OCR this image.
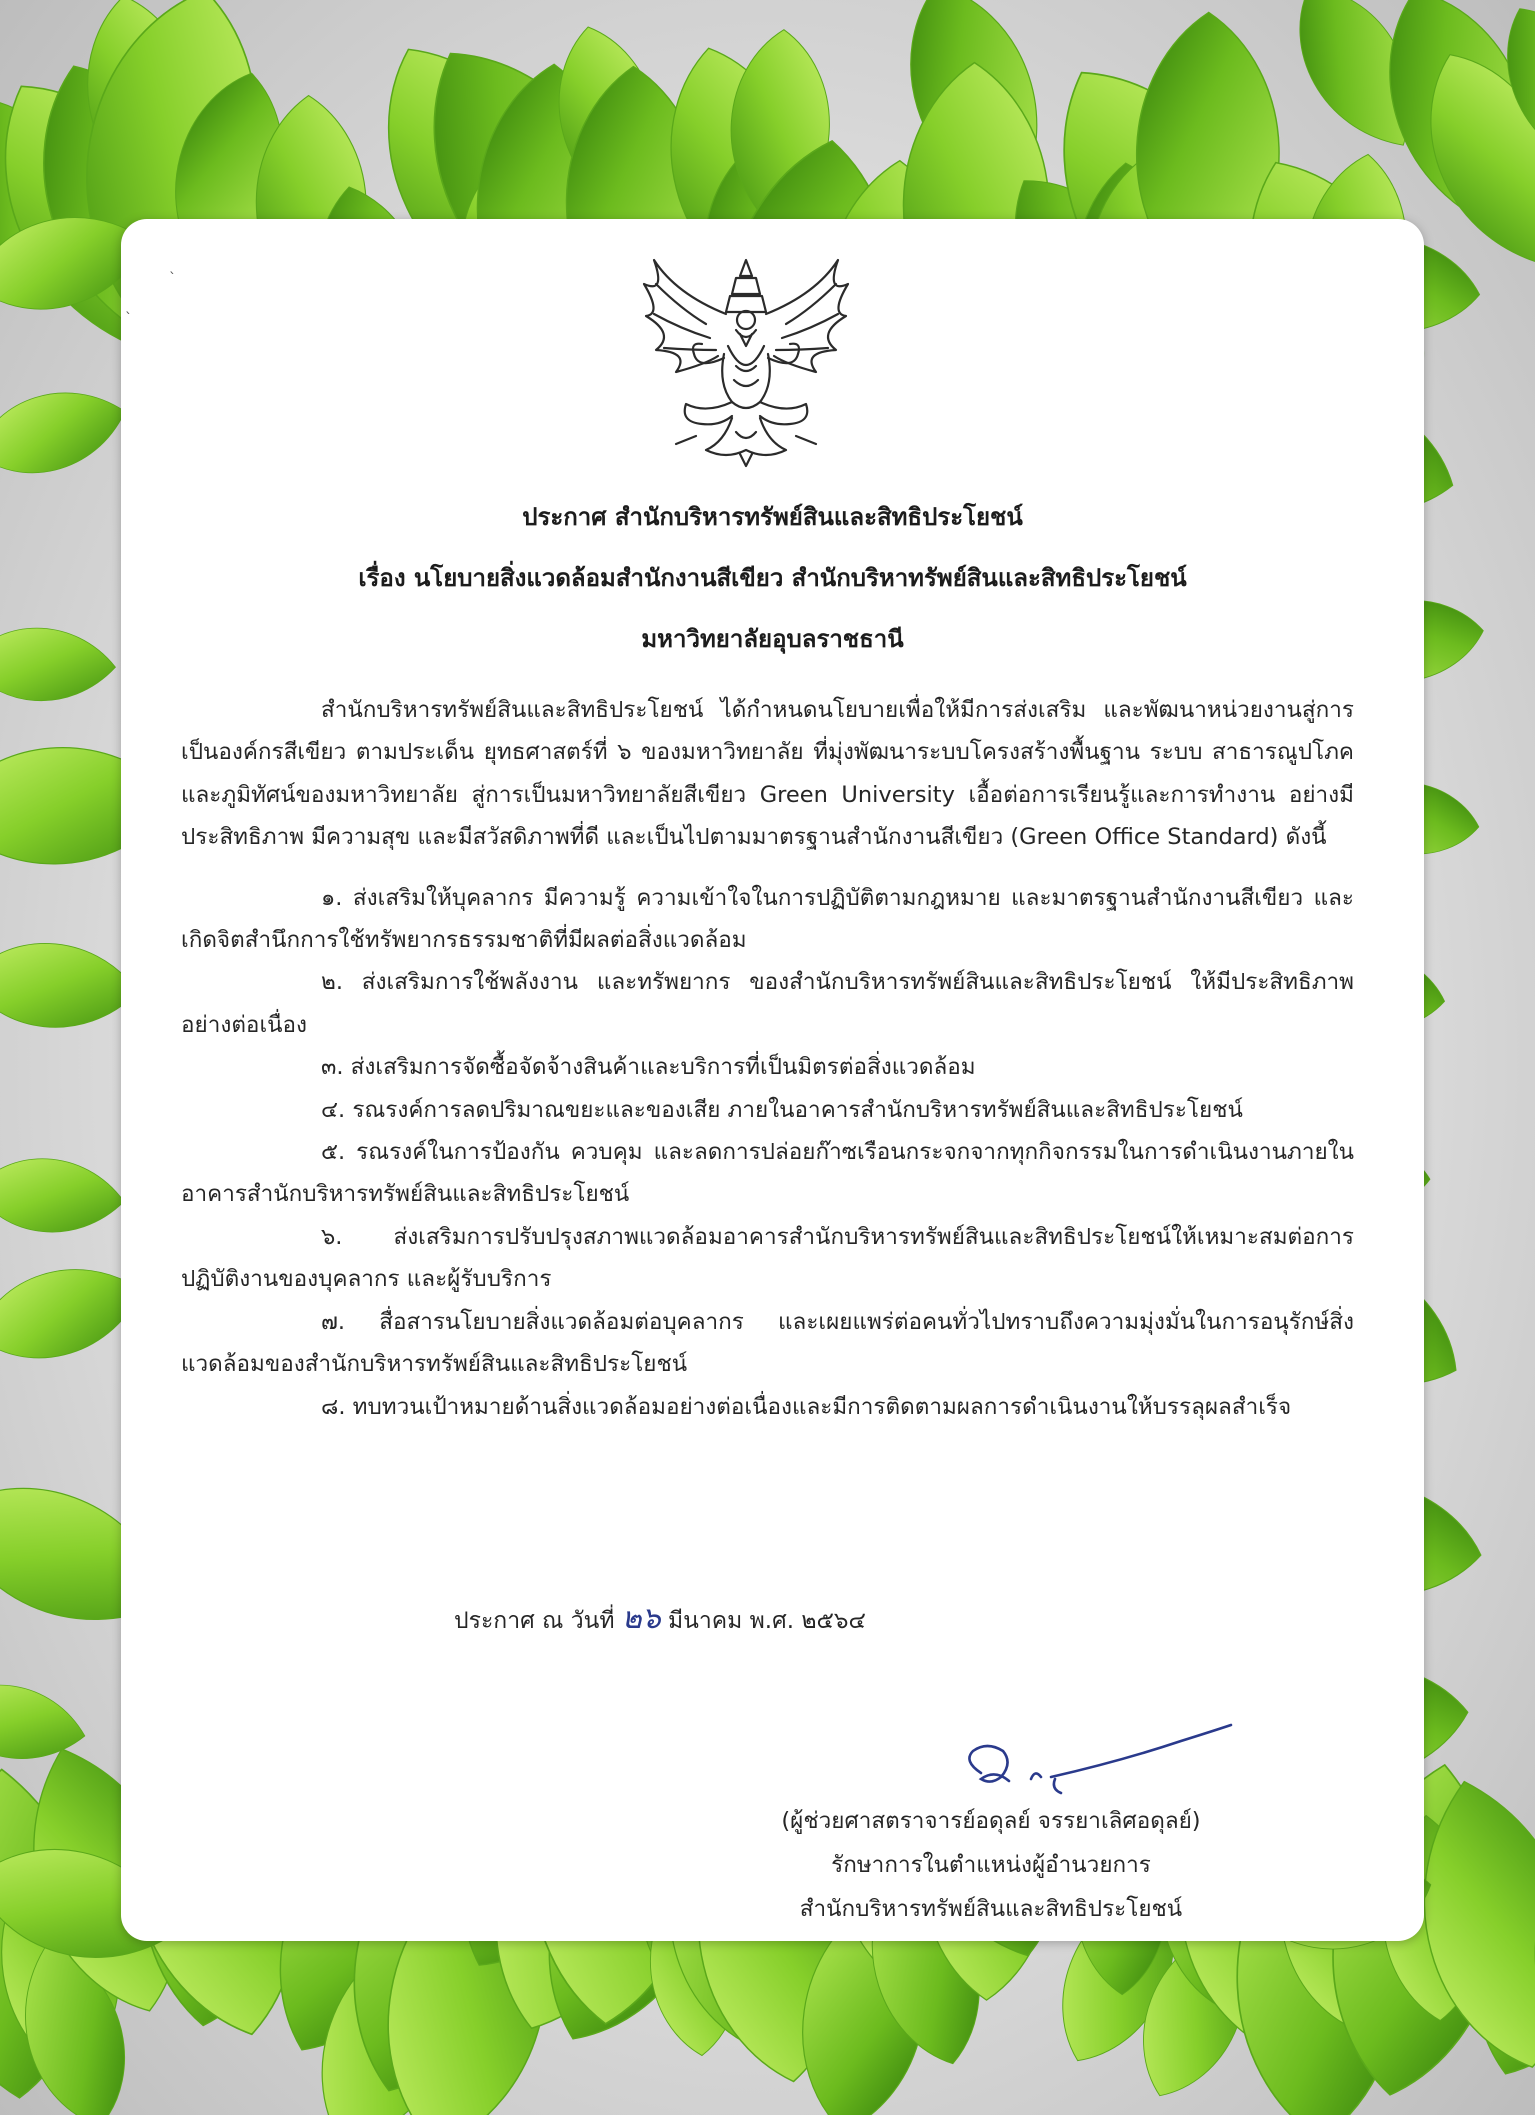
`
`
ประกาศ สำนักบริหารทรัพย์สินและสิทธิประโยชน์
เรื่อง นโยบายสิ่งแวดล้อมสำนักงานสีเขียว สำนักบริหาทรัพย์สินและสิทธิประโยชน์
มหาวิทยาลัยอุบลราชธานี

สำนักบริหารทรัพย์สินและสิทธิประโยชน์ ได้กำหนดนโยบายเพื่อให้มีการส่งเสริม และพัฒนาหน่วยงานสู่การเป็นองค์กรสีเขียว ตามประเด็น ยุทธศาสตร์ที่ ๖ ของมหาวิทยาลัย ที่มุ่งพัฒนาระบบโครงสร้างพื้นฐาน ระบบ สาธารณูปโภค และภูมิทัศน์ของมหาวิทยาลัย สู่การเป็นมหาวิทยาลัยสีเขียว Green University เอื้อต่อการเรียนรู้และการทำงาน อย่างมีประสิทธิภาพ มีความสุข และมีสวัสดิภาพที่ดี และเป็นไปตามมาตรฐานสำนักงานสีเขียว (Green Office Standard) ดังนี้

๑. ส่งเสริมให้บุคลากร มีความรู้ ความเข้าใจในการปฏิบัติตามกฎหมาย และมาตรฐานสำนักงานสีเขียว และเกิดจิตสำนึกการใช้ทรัพยากรธรรมชาติที่มีผลต่อสิ่งแวดล้อม

๒. ส่งเสริมการใช้พลังงาน และทรัพยากร ของสำนักบริหารทรัพย์สินและสิทธิประโยชน์ ให้มีประสิทธิภาพอย่างต่อเนื่อง

๓. ส่งเสริมการจัดซื้อจัดจ้างสินค้าและบริการที่เป็นมิตรต่อสิ่งแวดล้อม

๔. รณรงค์การลดปริมาณขยะและของเสีย ภายในอาคารสำนักบริหารทรัพย์สินและสิทธิประโยชน์

๕. รณรงค์ในการป้องกัน ควบคุม และลดการปล่อยก๊าซเรือนกระจกจากทุกกิจกรรมในการดำเนินงานภายในอาคารสำนักบริหารทรัพย์สินและสิทธิประโยชน์

๖. ส่งเสริมการปรับปรุงสภาพแวดล้อมอาคารสำนักบริหารทรัพย์สินและสิทธิประโยชน์ให้เหมาะสมต่อการปฏิบัติงานของบุคลากร และผู้รับบริการ

๗. สื่อสารนโยบายสิ่งแวดล้อมต่อบุคลากร และเผยแพร่ต่อคนทั่วไปทราบถึงความมุ่งมั่นในการอนุรักษ์สิ่งแวดล้อมของสำนักบริหารทรัพย์สินและสิทธิประโยชน์

๘. ทบทวนเป้าหมายด้านสิ่งแวดล้อมอย่างต่อเนื่องและมีการติดตามผลการดำเนินงานให้บรรลุผลสำเร็จ

ประกาศ ณ วันที่ ๒๖ มีนาคม พ.ศ. ๒๕๖๔
(ผู้ช่วยศาสตราจารย์อดุลย์ จรรยาเลิศอดุลย์)
รักษาการในตำแหน่งผู้อำนวยการ
สำนักบริหารทรัพย์สินและสิทธิประโยชน์
